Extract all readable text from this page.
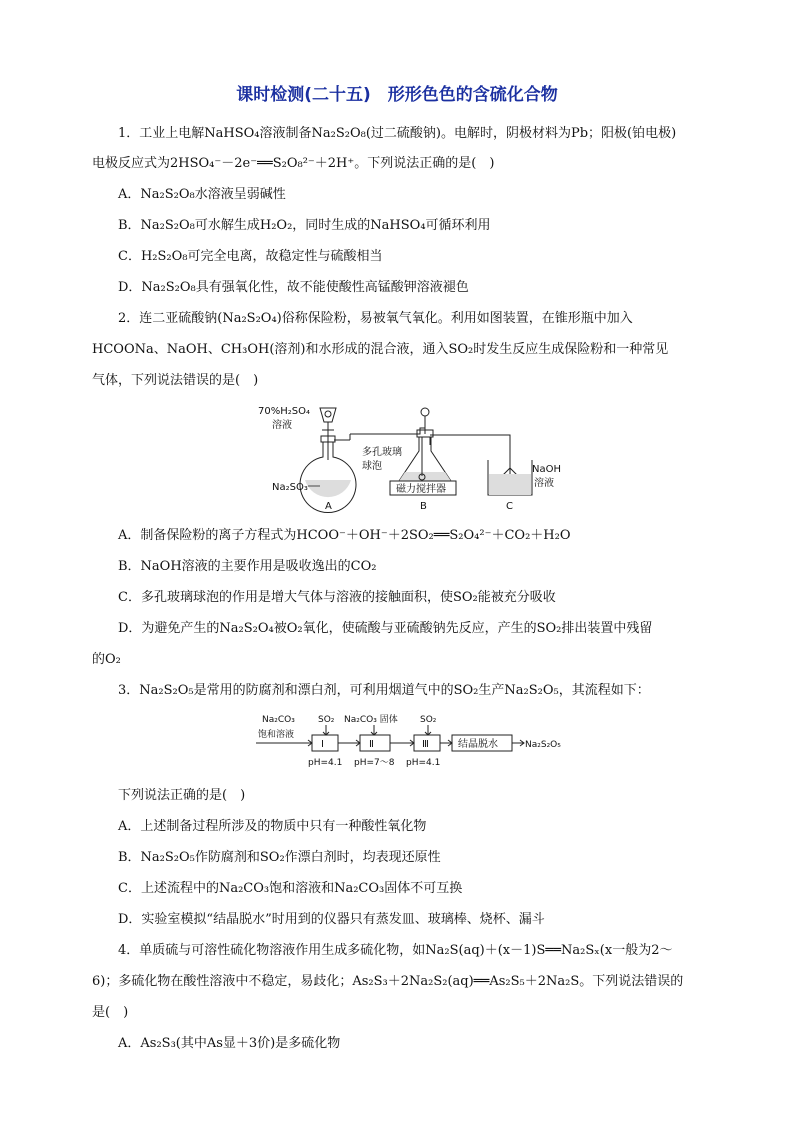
课时检测(二十五)　形形色色的含硫化合物
1．工业上电解NaHSO₄溶液制备Na₂S₂O₈(过二硫酸钠)。电解时，阴极材料为Pb；阳极(铂电极)
电极反应式为2HSO₄⁻－2e⁻══S₂O₈²⁻＋2H⁺。下列说法正确的是(　)
A．Na₂S₂O₈水溶液呈弱碱性
B．Na₂S₂O₈可水解生成H₂O₂，同时生成的NaHSO₄可循环利用
C．H₂S₂O₈可完全电离，故稳定性与硫酸相当
D．Na₂S₂O₈具有强氧化性，故不能使酸性高锰酸钾溶液褪色
2．连二亚硫酸钠(Na₂S₂O₄)俗称保险粉，易被氧气氧化。利用如图装置，在锥形瓶中加入
HCOONa、NaOH、CH₃OH(溶剂)和水形成的混合液，通入SO₂时发生反应生成保险粉和一种常见
气体，下列说法错误的是(　)
70%H₂SO₄
溶液
Na₂SO₃
多孔玻璃
球泡
磁力搅拌器
NaOH
溶液
A	B	C
A．制备保险粉的离子方程式为HCOO⁻＋OH⁻＋2SO₂══S₂O₄²⁻＋CO₂＋H₂O
B．NaOH溶液的主要作用是吸收逸出的CO₂
C．多孔玻璃球泡的作用是增大气体与溶液的接触面积，使SO₂能被充分吸收
D．为避免产生的Na₂S₂O₄被O₂氧化，使硫酸与亚硫酸钠先反应，产生的SO₂排出装置中残留
的O₂
3．Na₂S₂O₅是常用的防腐剂和漂白剂，可利用烟道气中的SO₂生产Na₂S₂O₅，其流程如下：
Na₂CO₃
饱和溶液
SO₂ Na₂CO₃ 固体 SO₂
Ⅰ	Ⅱ	Ⅲ	结晶脱水	Na₂S₂O₅
pH=4.1 pH=7～8 pH=4.1
下列说法正确的是(　)
A．上述制备过程所涉及的物质中只有一种酸性氧化物
B．Na₂S₂O₅作防腐剂和SO₂作漂白剂时，均表现还原性
C．上述流程中的Na₂CO₃饱和溶液和Na₂CO₃固体不可互换
D．实验室模拟“结晶脱水”时用到的仪器只有蒸发皿、玻璃棒、烧杯、漏斗
4．单质硫与可溶性硫化物溶液作用生成多硫化物，如Na₂S(aq)＋(x－1)S══Na₂Sₓ(x一般为2～
6)；多硫化物在酸性溶液中不稳定，易歧化；As₂S₃＋2Na₂S₂(aq)══As₂S₅＋2Na₂S。下列说法错误的
是(　)
A．As₂S₃(其中As显＋3价)是多硫化物
